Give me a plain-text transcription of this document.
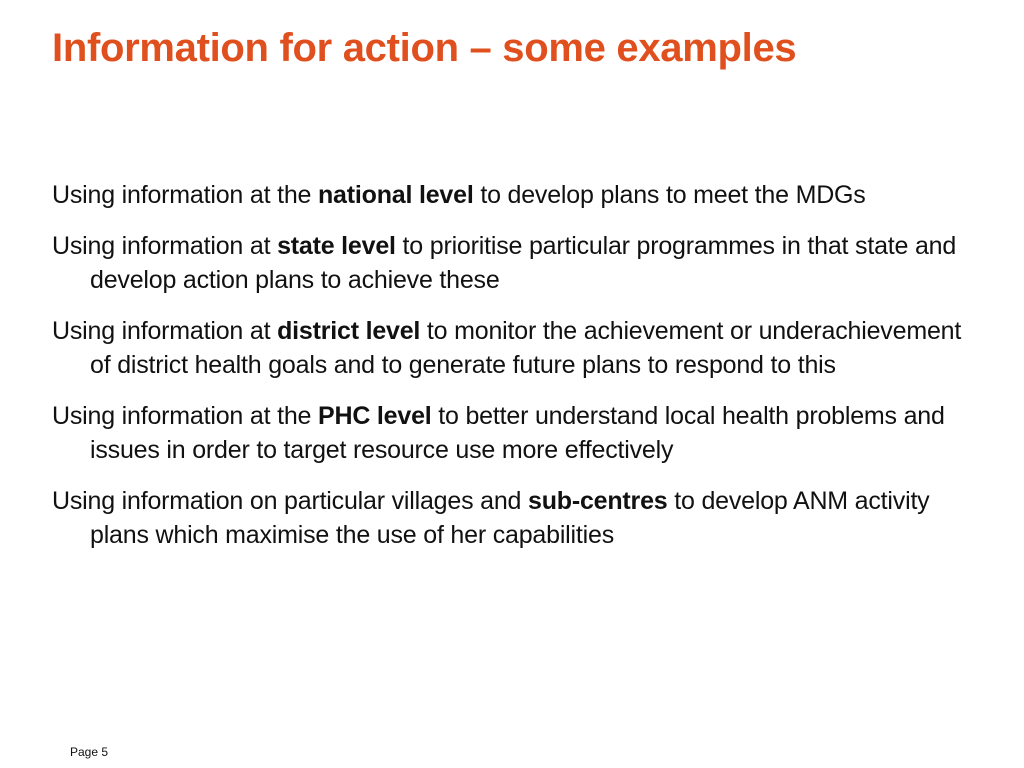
Information for action – some examples
Using information at the national level to develop plans to meet the MDGs
Using information at state level to prioritise particular programmes in that state and develop action plans to achieve these
Using information at district level to monitor the achievement or underachievement of district health goals and to generate future plans to respond to this
Using information at the PHC level to better understand local health problems and issues in order to target resource use more effectively
Using information on particular villages and sub-centres to develop ANM activity plans which maximise the use of her capabilities
Page 5
